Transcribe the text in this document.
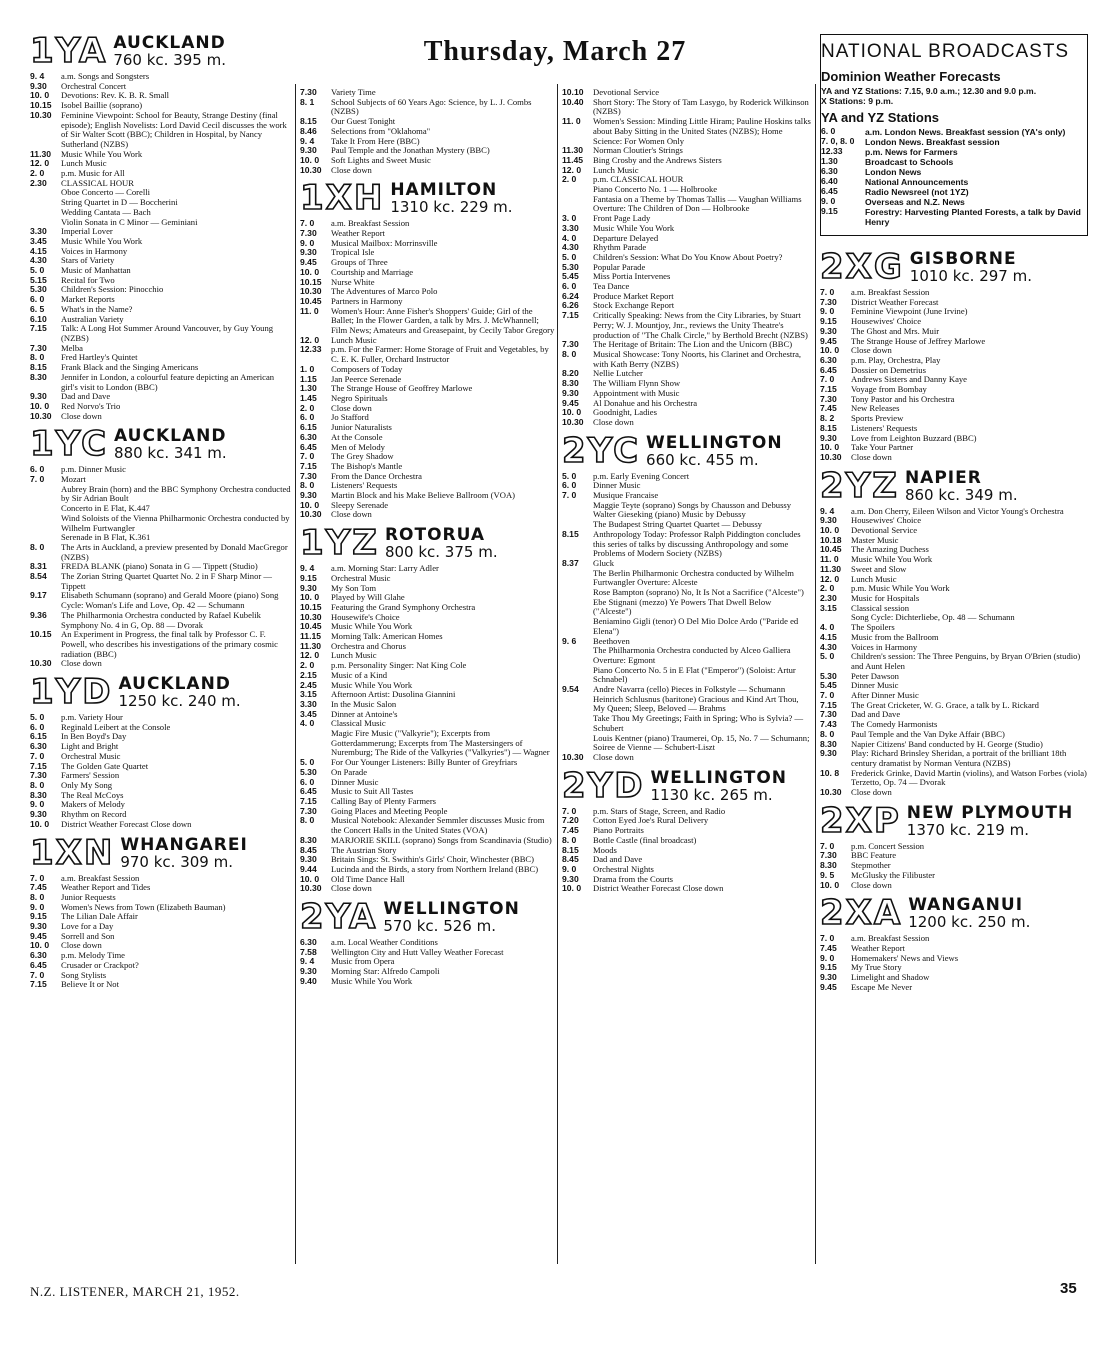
Thursday, March 27
1YA AUCKLAND
760 kc. 395 m.
9. 4	a.m. Songs and Songsters
9.30	Orchestral Concert
10. 0	Devotions: Rev. K. B. R. Small
10.15	Isobel Baillie (soprano)
10.30	Feminine Viewpoint: School for Beauty, Strange Destiny (final episode); English Novelists: Lord David Cecil discusses the work of Sir Walter Scott (BBC); Children in Hospital, by Nancy Sutherland (NZBS)
11.30	Music While You Work
12. 0	Lunch Music
2. 0	p.m. Music for All
2.30	CLASSICAL HOUR
Oboe Concerto — Corelli
String Quartet in D — Boccherini
Wedding Cantata — Bach
Violin Sonata in C Minor — Geminiani
3.30	Imperial Lover
3.45	Music While You Work
4.15	Voices in Harmony
4.30	Stars of Variety
5. 0	Music of Manhattan
5.15	Recital for Two
5.30	Children's Session: Pinocchio
6. 0	Market Reports
6. 5	What's in the Name?
6.10	Australian Variety
7.15	Talk: A Long Hot Summer Around Vancouver, by Guy Young (NZBS)
7.30	Melba
8. 0	Fred Hartley's Quintet
8.15	Frank Black and the Singing Americans
8.30	Jennifer in London, a colourful feature depicting an American girl's visit to London (BBC)
9.30	Dad and Dave
10. 0	Red Norvo's Trio
10.30	Close down
1YC AUCKLAND
880 kc. 341 m.
6. 0	p.m. Dinner Music
7. 0	Mozart
Aubrey Brain (horn) and the BBC Symphony Orchestra conducted by Sir Adrian Boult
Concerto in E Flat, K.447
Wind Soloists of the Vienna Philharmonic Orchestra conducted by Wilhelm Furtwangler
Serenade in B Flat, K.361
8. 0	The Arts in Auckland, a preview presented by Donald MacGregor (NZBS)
8.31	FREDA BLANK (piano) Sonata in G — Tippett (Studio)
8.54	The Zorian String Quartet Quartet No. 2 in F Sharp Minor — Tippett
9.17	Elisabeth Schumann (soprano) and Gerald Moore (piano) Song Cycle: Woman's Life and Love, Op. 42 — Schumann
9.36	The Philharmonia Orchestra conducted by Rafael Kubelik Symphony No. 4 in G, Op. 88 — Dvorak
10.15	An Experiment in Progress, the final talk by Professor C. F. Powell, who describes his investigations of the primary cosmic radiation (BBC)
10.30	Close down
1YD AUCKLAND
1250 kc. 240 m.
5. 0	p.m. Variety Hour
6. 0	Reginald Leibert at the Console
6.15	In Ben Boyd's Day
6.30	Light and Bright
7. 0	Orchestral Music
7.15	The Golden Gate Quartet
7.30	Farmers' Session
8. 0	Only My Song
8.30	The Real McCoys
9. 0	Makers of Melody
9.30	Rhythm on Record
10. 0	District Weather Forecast Close down
1XN WHANGAREI
970 kc. 309 m.
7. 0	a.m. Breakfast Session
7.45	Weather Report and Tides
8. 0	Junior Requests
9. 0	Women's News from Town (Elizabeth Bauman)
9.15	The Lilian Dale Affair
9.30	Love for a Day
9.45	Sorrell and Son
10. 0	Close down
6.30	p.m. Melody Time
6.45	Crusader or Crackpot?
7. 0	Song Stylists
7.15	Believe It or Not
7.30	Variety Time
8. 1	School Subjects of 60 Years Ago: Science, by L. J. Combs (NZBS)
8.15	Our Guest Tonight
8.46	Selections from "Oklahoma"
9. 4	Take It From Here (BBC)
9.30	Paul Temple and the Jonathan Mystery (BBC)
10. 0	Soft Lights and Sweet Music
10.30	Close down
1XH HAMILTON
1310 kc. 229 m.
7. 0	a.m. Breakfast Session
7.30	Weather Report
9. 0	Musical Mailbox: Morrinsville
9.30	Tropical Isle
9.45	Groups of Three
10. 0	Courtship and Marriage
10.15	Nurse White
10.30	The Adventures of Marco Polo
10.45	Partners in Harmony
11. 0	Women's Hour: Anne Fisher's Shoppers' Guide; Girl of the Ballet; In the Flower Garden, a talk by Mrs. J. McWhannell; Film News; Amateurs and Greasepaint, by Cecily Tabor Gregory
12. 0	Lunch Music
12.33	p.m. For the Farmer: Home Storage of Fruit and Vegetables, by C. E. K. Fuller, Orchard Instructor
1. 0	Composers of Today
1.15	Jan Peerce Serenade
1.30	The Strange House of Geoffrey Marlowe
1.45	Negro Spirituals
2. 0	Close down
6. 0	Jo Stafford
6.15	Junior Naturalists
6.30	At the Console
6.45	Men of Melody
7. 0	The Grey Shadow
7.15	The Bishop's Mantle
7.30	From the Dance Orchestra
8. 0	Listeners' Requests
9.30	Martin Block and his Make Believe Ballroom (VOA)
10. 0	Sleepy Serenade
10.30	Close down
1YZ ROTORUA
800 kc. 375 m.
9. 4	a.m. Morning Star: Larry Adler
9.15	Orchestral Music
9.30	My Son Tom
10. 0	Played by Will Glahe
10.15	Featuring the Grand Symphony Orchestra
10.30	Housewife's Choice
10.45	Music While You Work
11.15	Morning Talk: American Homes
11.30	Orchestra and Chorus
12. 0	Lunch Music
2. 0	p.m. Personality Singer: Nat King Cole
2.15	Music of a Kind
2.45	Music While You Work
3.15	Afternoon Artist: Dusolina Giannini
3.30	In the Music Salon
3.45	Dinner at Antoine's
4. 0	Classical Music
Magic Fire Music ("Valkyrie"); Excerpts from Gotterdammerung; Excerpts from The Mastersingers of Nuremburg; The Ride of the Valkyries ("Valkyries") — Wagner
5. 0	For Our Younger Listeners: Billy Bunter of Greyfriars
5.30	On Parade
6. 0	Dinner Music
6.45	Music to Suit All Tastes
7.15	Calling Bay of Plenty Farmers
7.30	Going Places and Meeting People
8. 0	Musical Notebook: Alexander Semmler discusses Music from the Concert Halls in the United States (VOA)
8.30	MARJORIE SKILL (soprano) Songs from Scandinavia (Studio)
8.45	The Austrian Story
9.30	Britain Sings: St. Swithin's Girls' Choir, Winchester (BBC)
9.44	Lucinda and the Birds, a story from Northern Ireland (BBC)
10. 0	Old Time Dance Hall
10.30	Close down
2YA WELLINGTON
570 kc. 526 m.
6.30	a.m. Local Weather Conditions
7.58	Wellington City and Hutt Valley Weather Forecast
9. 4	Music from Opera
9.30	Morning Star: Alfredo Campoli
9.40	Music While You Work
10.10	Devotional Service
10.40	Short Story: The Story of Tam Lasygo, by Roderick Wilkinson (NZBS)
11. 0	Women's Session: Minding Little Hiram; Pauline Hoskins talks about Baby Sitting in the United States (NZBS); Home Science: For Women Only
11.30	Norman Cloutier's Strings
11.45	Bing Crosby and the Andrews Sisters
12. 0	Lunch Music
2. 0	p.m. CLASSICAL HOUR
Piano Concerto No. 1 — Holbrooke
Fantasia on a Theme by Thomas Tallis — Vaughan Williams
Overture: The Children of Don — Holbrooke
3. 0	Front Page Lady
3.30	Music While You Work
4. 0	Departure Delayed
4.30	Rhythm Parade
5. 0	Children's Session: What Do You Know About Poetry?
5.30	Popular Parade
5.45	Miss Portia Intervenes
6. 0	Tea Dance
6.24	Produce Market Report
6.26	Stock Exchange Report
7.15	Critically Speaking: News from the City Libraries, by Stuart Perry; W. J. Mountjoy, Jnr., reviews the Unity Theatre's production of "The Chalk Circle," by Berthold Brecht (NZBS)
7.30	The Heritage of Britain: The Lion and the Unicorn (BBC)
8. 0	Musical Showcase: Tony Noorts, his Clarinet and Orchestra, with Kath Berry (NZBS)
8.20	Nellie Lutcher
8.30	The William Flynn Show
9.30	Appointment with Music
9.45	Al Donahue and his Orchestra
10. 0	Goodnight, Ladies
10.30	Close down
2YC WELLINGTON
660 kc. 455 m.
5. 0	p.m. Early Evening Concert
6. 0	Dinner Music
7. 0	Musique Francaise
Maggie Teyte (soprano) Songs by Chausson and Debussy
Walter Gieseking (piano) Music by Debussy
The Budapest String Quartet Quartet — Debussy
8.15	Anthropology Today: Professor Ralph Piddington concludes this series of talks by discussing Anthropology and some Problems of Modern Society (NZBS)
8.37	Gluck
The Berlin Philharmonic Orchestra conducted by Wilhelm Furtwangler Overture: Alceste
Rose Bampton (soprano) No, It Is Not a Sacrifice ("Alceste")
Ebe Stignani (mezzo) Ye Powers That Dwell Below ("Alceste")
Beniamino Gigli (tenor) O Del Mio Dolce Ardo ("Paride ed Elena")
9. 6	Beethoven
The Philharmonia Orchestra conducted by Alceo Galliera Overture: Egmont
Piano Concerto No. 5 in E Flat ("Emperor") (Soloist: Artur Schnabel)
9.54	Andre Navarra (cello) Pieces in Folkstyle — Schumann
Heinrich Schlusnus (baritone) Gracious and Kind Art Thou, My Queen; Sleep, Beloved — Brahms
Take Thou My Greetings; Faith in Spring; Who is Sylvia? — Schubert
Louis Kentner (piano) Traumerei, Op. 15, No. 7 — Schumann; Soiree de Vienne — Schubert-Liszt
10.30	Close down
2YD WELLINGTON
1130 kc. 265 m.
7. 0	p.m. Stars of Stage, Screen, and Radio
7.20	Cotton Eyed Joe's Rural Delivery
7.45	Piano Portraits
8. 0	Bottle Castle (final broadcast)
8.15	Moods
8.45	Dad and Dave
9. 0	Orchestral Nights
9.30	Drama from the Courts
10. 0	District Weather Forecast Close down
NATIONAL BROADCASTS
Dominion Weather Forecasts
YA and YZ Stations: 7.15, 9.0 a.m.; 12.30 and 9.0 p.m.
X Stations: 9 p.m.
YA and YZ Stations
6. 0	a.m. London News. Breakfast session (YA's only)
7. 0, 8. 0	London News. Breakfast session
12.33	p.m. News for Farmers
1.30	Broadcast to Schools
6.30	London News
6.40	National Announcements
6.45	Radio Newsreel (not 1YZ)
9. 0	Overseas and N.Z. News
9.15	Forestry: Harvesting Planted Forests, a talk by David Henry
2XG GISBORNE
1010 kc. 297 m.
7. 0	a.m. Breakfast Session
7.30	District Weather Forecast
9. 0	Feminine Viewpoint (June Irvine)
9.15	Housewives' Choice
9.30	The Ghost and Mrs. Muir
9.45	The Strange House of Jeffrey Marlowe
10. 0	Close down
6.30	p.m. Play, Orchestra, Play
6.45	Dossier on Demetrius
7. 0	Andrews Sisters and Danny Kaye
7.15	Voyage from Bombay
7.30	Tony Pastor and his Orchestra
7.45	New Releases
8. 2	Sports Preview
8.15	Listeners' Requests
9.30	Love from Leighton Buzzard (BBC)
10. 0	Take Your Partner
10.30	Close down
2YZ NAPIER
860 kc. 349 m.
9. 4	a.m. Don Cherry, Eileen Wilson and Victor Young's Orchestra
9.30	Housewives' Choice
10. 0	Devotional Service
10.18	Master Music
10.45	The Amazing Duchess
11. 0	Music While You Work
11.30	Sweet and Slow
12. 0	Lunch Music
2. 0	p.m. Music While You Work
2.30	Music for Hospitals
3.15	Classical session
Song Cycle: Dichterliebe, Op. 48 — Schumann
4. 0	The Spoilers
4.15	Music from the Ballroom
4.30	Voices in Harmony
5. 0	Children's session: The Three Penguins, by Bryan O'Brien (studio) and Aunt Helen
5.30	Peter Dawson
5.45	Dinner Music
7. 0	After Dinner Music
7.15	The Great Cricketer, W. G. Grace, a talk by L. Rickard
7.30	Dad and Dave
7.43	The Comedy Harmonists
8. 0	Paul Temple and the Van Dyke Affair (BBC)
8.30	Napier Citizens' Band conducted by H. George (Studio)
9.30	Play: Richard Brinsley Sheridan, a portrait of the brilliant 18th century dramatist by Norman Ventura (NZBS)
10. 8	Frederick Grinke, David Martin (violins), and Watson Forbes (viola) Terzetto, Op. 74 — Dvorak
10.30	Close down
2XP NEW PLYMOUTH
1370 kc. 219 m.
7. 0	p.m. Concert Session
7.30	BBC Feature
8.30	Stepmother
9. 5	McGlusky the Filibuster
10. 0	Close down
2XA WANGANUI
1200 kc. 250 m.
7. 0	a.m. Breakfast Session
7.45	Weather Report
9. 0	Homemakers' News and Views
9.15	My True Story
9.30	Limelight and Shadow
9.45	Escape Me Never
N.Z. LISTENER, MARCH 21, 1952.	35
